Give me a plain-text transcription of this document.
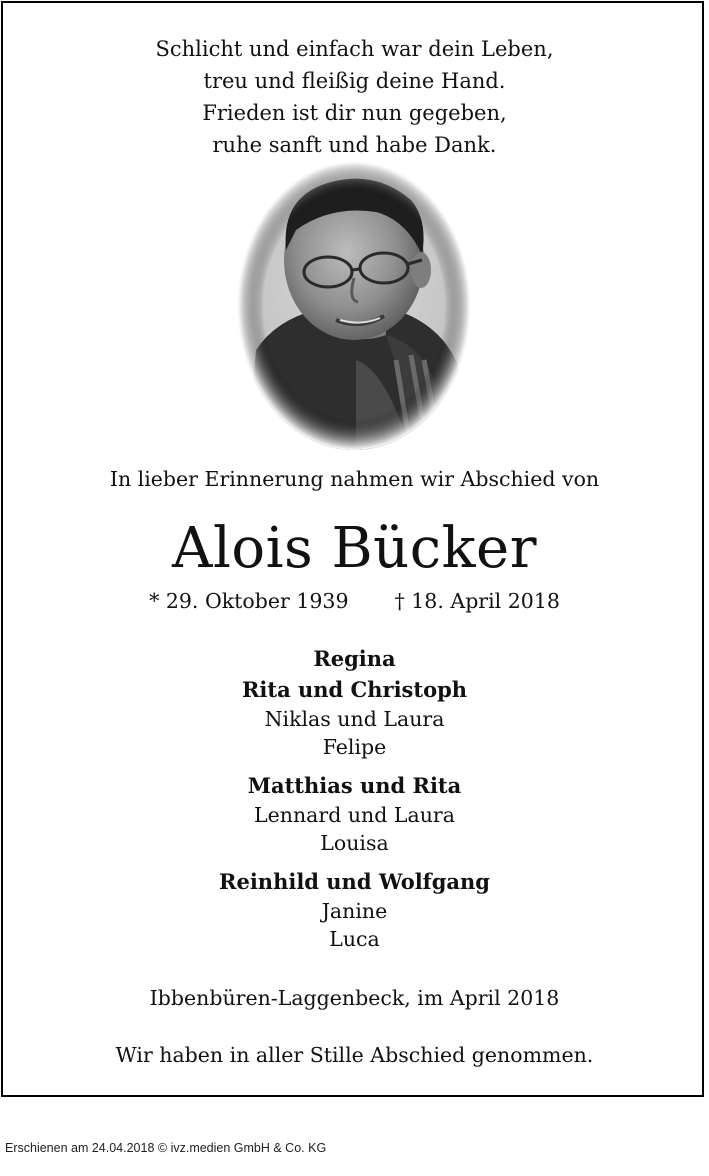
Schlicht und einfach war dein Leben,
treu und fleißig deine Hand.
Frieden ist dir nun gegeben,
ruhe sanft und habe Dank.
In lieber Erinnerung nahmen wir Abschied von
Alois Bücker
* 29. Oktober 1939 † 18. April 2018
Regina
Rita und Christoph
Niklas und Laura
Felipe
Matthias und Rita
Lennard und Laura
Louisa
Reinhild und Wolfgang
Janine
Luca
Ibbenbüren-Laggenbeck, im April 2018
Wir haben in aller Stille Abschied genommen.
Erschienen am 24.04.2018 © ivz.medien GmbH & Co. KG
